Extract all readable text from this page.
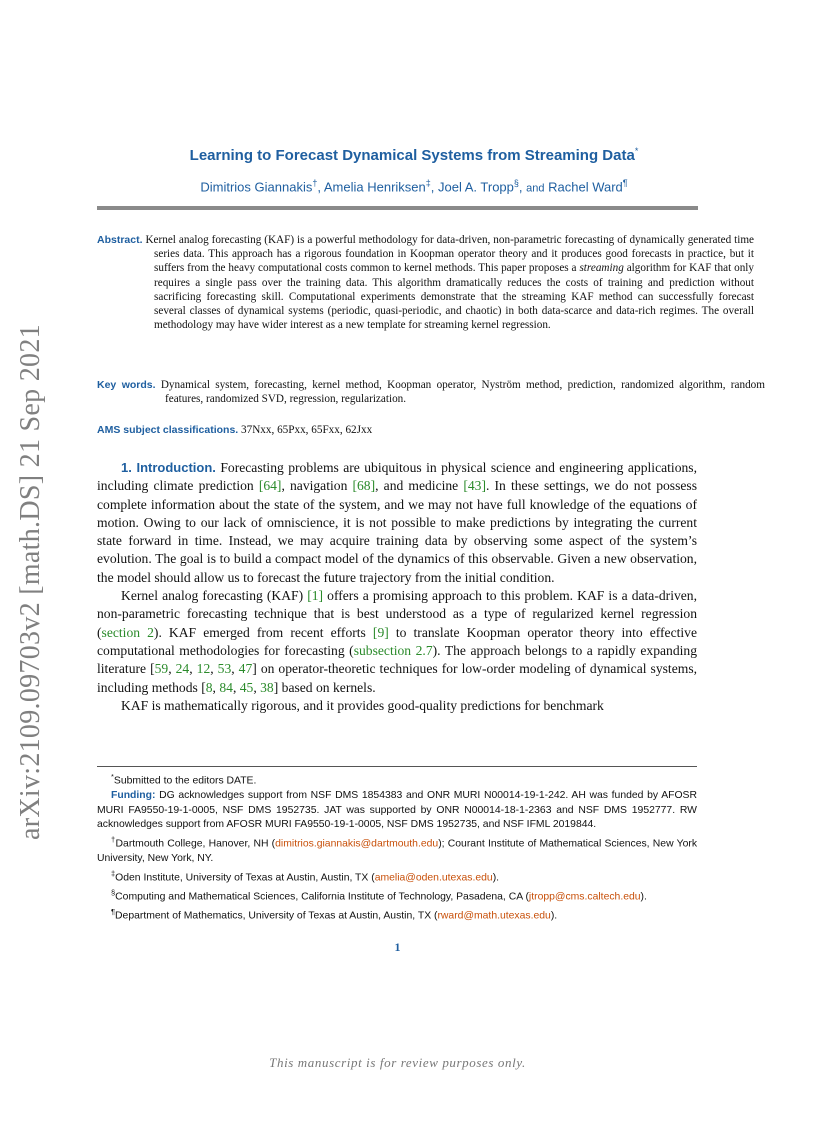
arXiv:2109.09703v2 [math.DS] 21 Sep 2021
Learning to Forecast Dynamical Systems from Streaming Data*
Dimitrios Giannakis†, Amelia Henriksen‡, Joel A. Tropp§, and Rachel Ward¶
Abstract. Kernel analog forecasting (KAF) is a powerful methodology for data-driven, non-parametric forecasting of dynamically generated time series data. This approach has a rigorous foundation in Koopman operator theory and it produces good forecasts in practice, but it suffers from the heavy computational costs common to kernel methods. This paper proposes a streaming algorithm for KAF that only requires a single pass over the training data. This algorithm dramatically reduces the costs of training and prediction without sacrificing forecasting skill. Computational experiments demonstrate that the streaming KAF method can successfully forecast several classes of dynamical systems (periodic, quasi-periodic, and chaotic) in both data-scarce and data-rich regimes. The overall methodology may have wider interest as a new template for streaming kernel regression.
Key words. Dynamical system, forecasting, kernel method, Koopman operator, Nyström method, prediction, randomized algorithm, random features, randomized SVD, regression, regularization.
AMS subject classifications. 37Nxx, 65Pxx, 65Fxx, 62Jxx

1. Introduction. Forecasting problems are ubiquitous in physical science and engineering applications, including climate prediction [64], navigation [68], and medicine [43]. In these settings, we do not possess complete information about the state of the system, and we may not have full knowledge of the equations of motion. Owing to our lack of omniscience, it is not possible to make predictions by integrating the current state forward in time. Instead, we may acquire training data by observing some aspect of the system’s evolution. The goal is to build a compact model of the dynamics of this observable. Given a new observation, the model should allow us to forecast the future trajectory from the initial condition.

Kernel analog forecasting (KAF) [1] offers a promising approach to this problem. KAF is a data-driven, non-parametric forecasting technique that is best understood as a type of regularized kernel regression (section 2). KAF emerged from recent efforts [9] to translate Koopman operator theory into effective computational methodologies for forecasting (subsection 2.7). The approach belongs to a rapidly expanding literature [59, 24, 12, 53, 47] on operator-theoretic techniques for low-order modeling of dynamical systems, including methods [8, 84, 45, 38] based on kernels.

KAF is mathematically rigorous, and it provides good-quality predictions for benchmark

*Submitted to the editors DATE.

Funding: DG acknowledges support from NSF DMS 1854383 and ONR MURI N00014-19-1-242. AH was funded by AFOSR MURI FA9550-19-1-0005, NSF DMS 1952735. JAT was supported by ONR N00014-18-1-2363 and NSF DMS 1952777. RW acknowledges support from AFOSR MURI FA9550-19-1-0005, NSF DMS 1952735, and NSF IFML 2019844.

†Dartmouth College, Hanover, NH (dimitrios.giannakis@dartmouth.edu); Courant Institute of Mathematical Sciences, New York University, New York, NY.

‡Oden Institute, University of Texas at Austin, Austin, TX (amelia@oden.utexas.edu).

§Computing and Mathematical Sciences, California Institute of Technology, Pasadena, CA (jtropp@cms.caltech.edu).

¶Department of Mathematics, University of Texas at Austin, Austin, TX (rward@math.utexas.edu).

1
This manuscript is for review purposes only.
